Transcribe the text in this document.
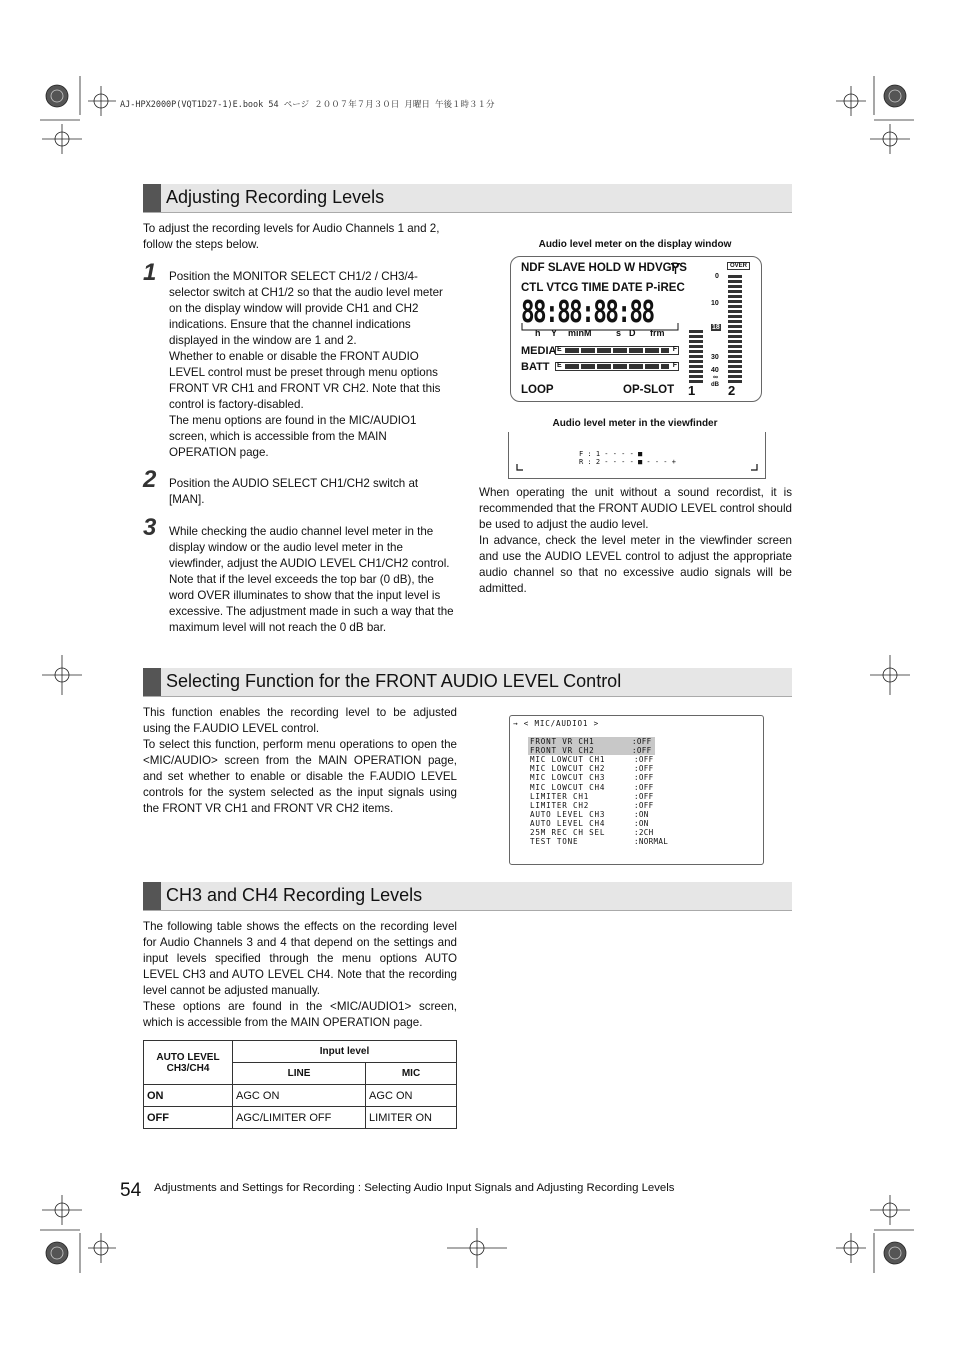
AJ-HPX2000P(VQT1D27-1)E.book 54 ページ ２００７年７月３０日 月曜日 午後１時３１分
Adjusting Recording Levels
To adjust the recording levels for Audio Channels 1 and 2, follow the steps below.
1 Position the MONITOR SELECT CH1/2 / CH3/4-selector switch at CH1/2 so that the audio level meter on the display window will provide CH1 and CH2 indications. Ensure that the channel indications displayed in the window are 1 and 2.
Whether to enable or disable the FRONT AUDIO LEVEL control must be preset through menu options FRONT VR CH1 and FRONT VR CH2. Note that this control is factory-disabled.
The menu options are found in the MIC/AUDIO1 screen, which is accessible from the MAIN OPERATION page.
2 Position the AUDIO SELECT CH1/CH2 switch at [MAN].
3 While checking the audio channel level meter in the display window or the audio level meter in the viewfinder, adjust the AUDIO LEVEL CH1/CH2 control.
Note that if the level exceeds the top bar (0 dB), the word OVER illuminates to show that the input level is excessive. The adjustment made in such a way that the maximum level will not reach the 0 dB bar.
Audio level meter on the display window
NDF SLAVE HOLD W HDVGPS
CTL VTCG TIME DATE P-iREC
88:88:88:88
h Y minM	s D frm
MEDIA E	F
BATT E	F
LOOP	OP-SLOT
OVER
0
10
18
30
40
∞
dB
1	2
Audio level meter in the viewfinder
F : 1 - - - - ■
R : 2 - - - - ■ - - - +
When operating the unit without a sound recordist, it is recommended that the FRONT AUDIO LEVEL control should be used to adjust the audio level.
In advance, check the level meter in the viewfinder screen and use the AUDIO LEVEL control to adjust the appropriate audio channel so that no excessive audio signals will be admitted.
Selecting Function for the FRONT AUDIO LEVEL Control
This function enables the recording level to be adjusted using the F.AUDIO LEVEL control.
To select this function, perform menu operations to open the <MIC/AUDIO> screen from the MAIN OPERATION page, and set whether to enable or disable the F.AUDIO LEVEL controls for the system selected as the input signals using the FRONT VR CH1 and FRONT VR CH2 items.
→ < MIC/AUDIO1 >
FRONT VR CH1	:OFF
FRONT VR CH2	:OFF
MIC LOWCUT CH1	:OFF
MIC LOWCUT CH2	:OFF
MIC LOWCUT CH3	:OFF
MIC LOWCUT CH4	:OFF
LIMITER CH1	:OFF
LIMITER CH2	:OFF
AUTO LEVEL CH3	:ON
AUTO LEVEL CH4	:ON
25M REC CH SEL	:2CH
TEST TONE	:NORMAL
CH3 and CH4 Recording Levels
The following table shows the effects on the recording level for Audio Channels 3 and 4 that depend on the settings and input levels specified through the menu options AUTO LEVEL CH3 and AUTO LEVEL CH4. Note that the recording level cannot be adjusted manually.
These options are found in the <MIC/AUDIO1> screen, which is accessible from the MAIN OPERATION page.
AUTO LEVEL CH3/CH4	Input level	
	LINE	MIC
ON	AGC ON	AGC ON
OFF	AGC/LIMITER OFF	LIMITER ON
54 Adjustments and Settings for Recording : Selecting Audio Input Signals and Adjusting Recording Levels
